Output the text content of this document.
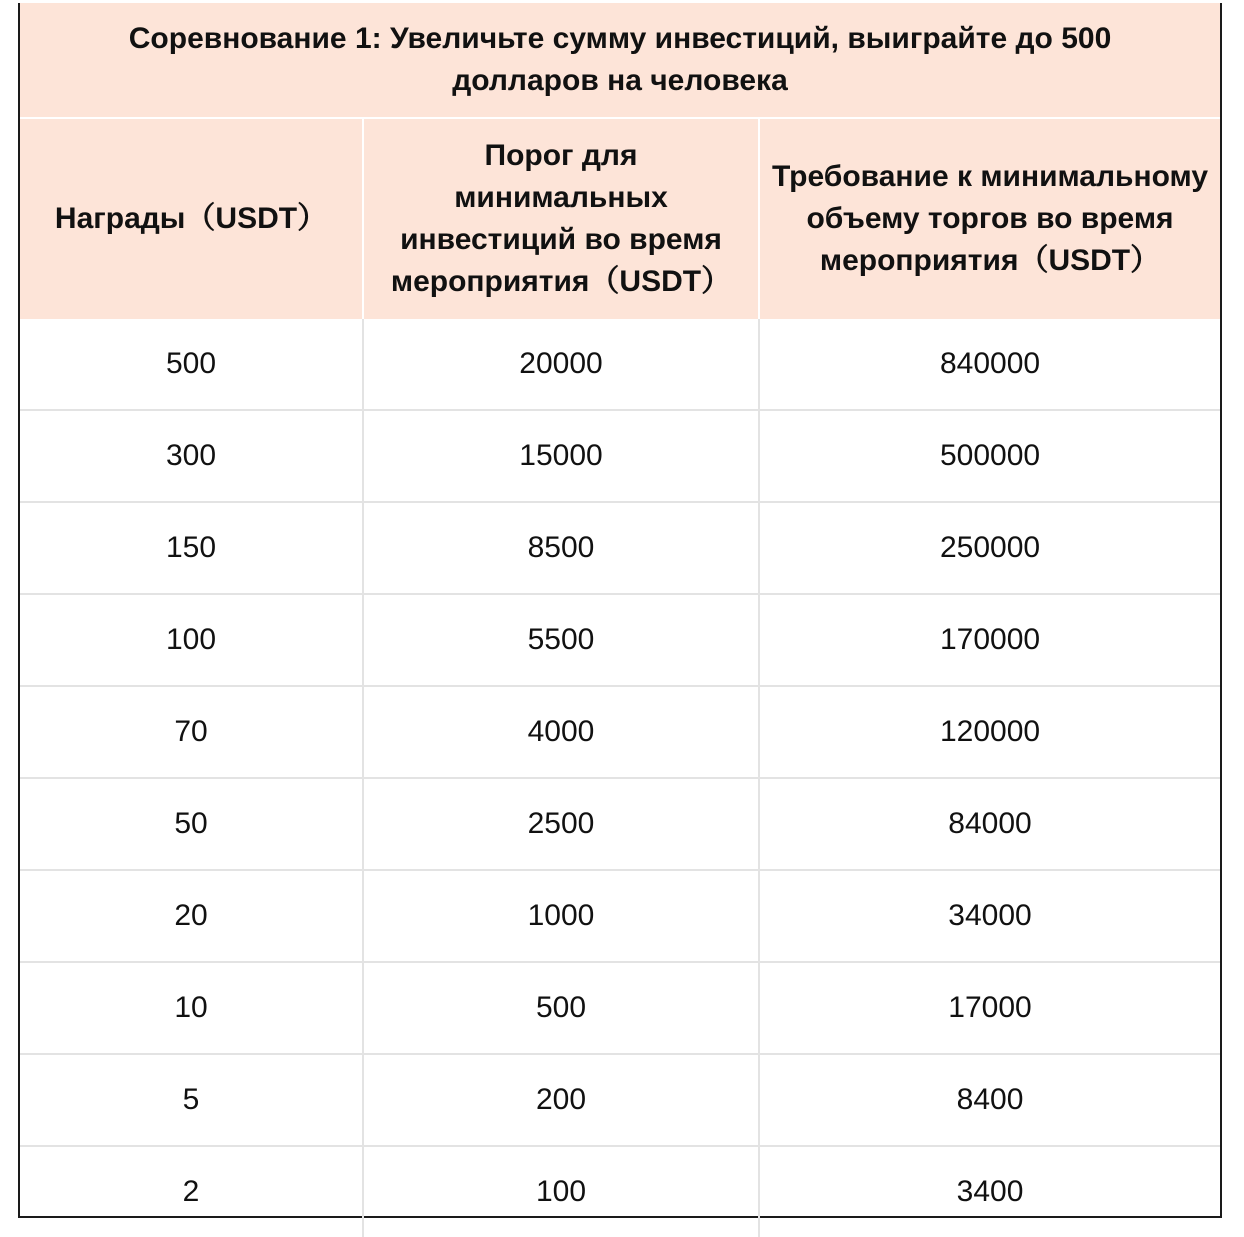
Соревнование 1: Увеличьте сумму инвестиций, выиграйте до 500 долларов на человека		
Награды（USDT）	Порог для минимальных инвестиций во время мероприятия（USDT）	Требование к минимальному объему торгов во время мероприятия（USDT）
500	20000	840000
300	15000	500000
150	8500	250000
100	5500	170000
70	4000	120000
50	2500	84000
20	1000	34000
10	500	17000
5	200	8400
2	100	3400
